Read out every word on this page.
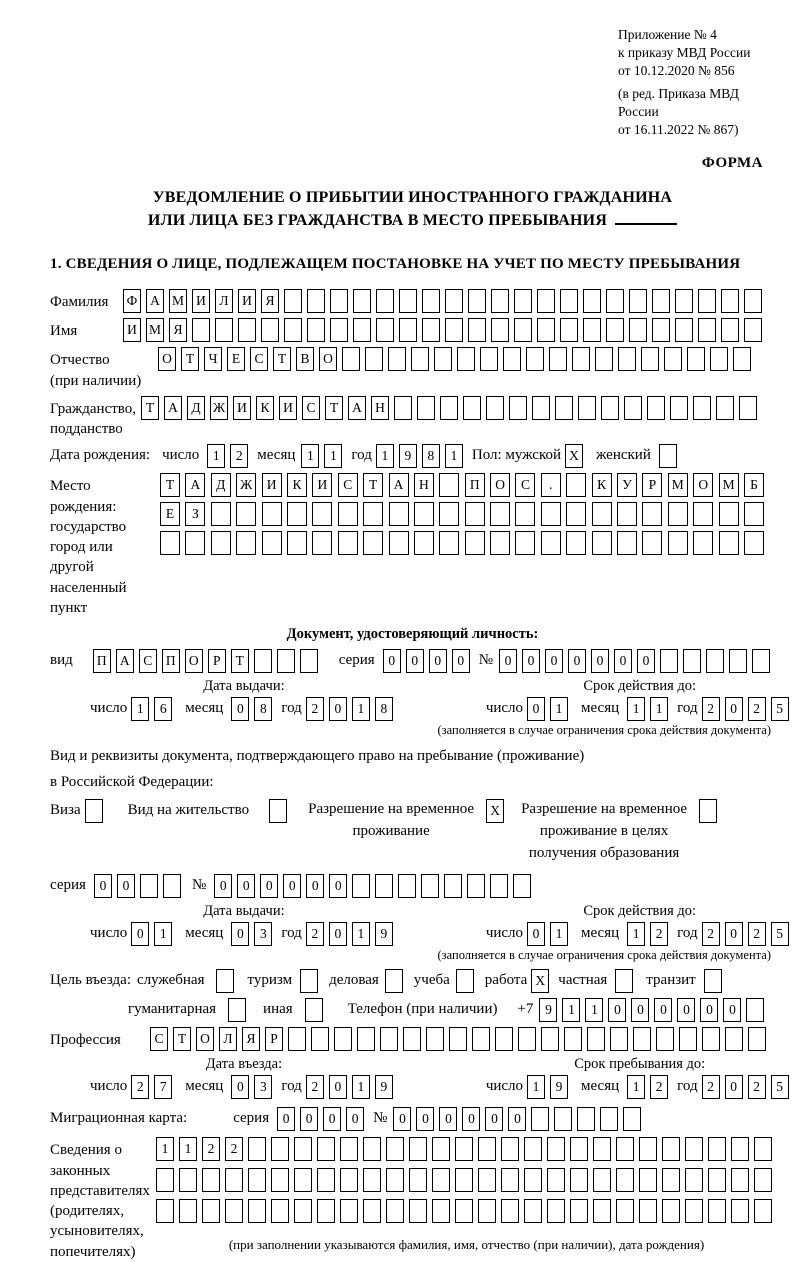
Приложение № 4
к приказу МВД России
от 10.12.2020 № 856
(в ред. Приказа МВД России
от 16.11.2022 № 867)
ФОРМА
УВЕДОМЛЕНИЕ О ПРИБЫТИИ ИНОСТРАННОГО ГРАЖДАНИНА
ИЛИ ЛИЦА БЕЗ ГРАЖДАНСТВА В МЕСТО ПРЕБЫВАНИЯ
1. СВЕДЕНИЯ О ЛИЦЕ, ПОДЛЕЖАЩЕМ ПОСТАНОВКЕ НА УЧЕТ ПО МЕСТУ ПРЕБЫВАНИЯ
Фамилия	Ф А М И Л И Я
Имя	И М Я
Отчество
(при наличии)
О Т Ч Е С Т В О
Гражданство,
подданство
Т А Д Ж И К И С Т А Н
Дата рождения: число	1 2 месяц 1 1 год 1 9 8 1 Пол: мужской X	женский
Место рождения:
государство
город или другой
населенный пункт
Т А Д Ж И К И С Т А Н	П О С .	К У Р М О М Б
Е З
Документ, удостоверяющий личность:
вид	П А С П О Р Т	серия	0 0 0 0 № 0 0 0 0 0 0 0
Дата выдачи:
число 1 6	месяц	0 8 год 2 0 1 8
Срок действия до:
число 0 1	месяц	1 1 год 2 0 2 5
(заполняется в случае ограничения срока действия документа)
Вид и реквизиты документа, подтверждающего право на пребывание (проживание)
в Российской Федерации:
Виза	Вид на жительство	Разрешение на временное
проживание
X	Разрешение на временное
проживание в целях
получения образования
серия	0 0	№	0 0 0 0 0 0
Дата выдачи:
число 0 1	месяц	0 3 год 2 0 1 9
Срок действия до:
число 0 1	месяц	1 2 год 2 0 2 5
(заполняется в случае ограничения срока действия документа)
Цель въезда: служебная	туризм деловая учеба работа X частная	транзит
гуманитарная	иная	Телефон (при наличии) +7 9 1 1 0 0 0 0 0 0
Профессия	С Т О Л Я Р
Дата въезда:
число 2 7	месяц	0 3 год 2 0 1 9
Срок пребывания до:
число 1 9	месяц	1 2 год 2 0 2 5
Миграционная карта:	серия	0 0 0 0 № 0 0 0 0 0 0
Сведения о
законных
представителях
(родителях,
усыновителях,
попечителях)
1 1 2 2
(при заполнении указываются фамилия, имя, отчество (при наличии), дата рождения)
